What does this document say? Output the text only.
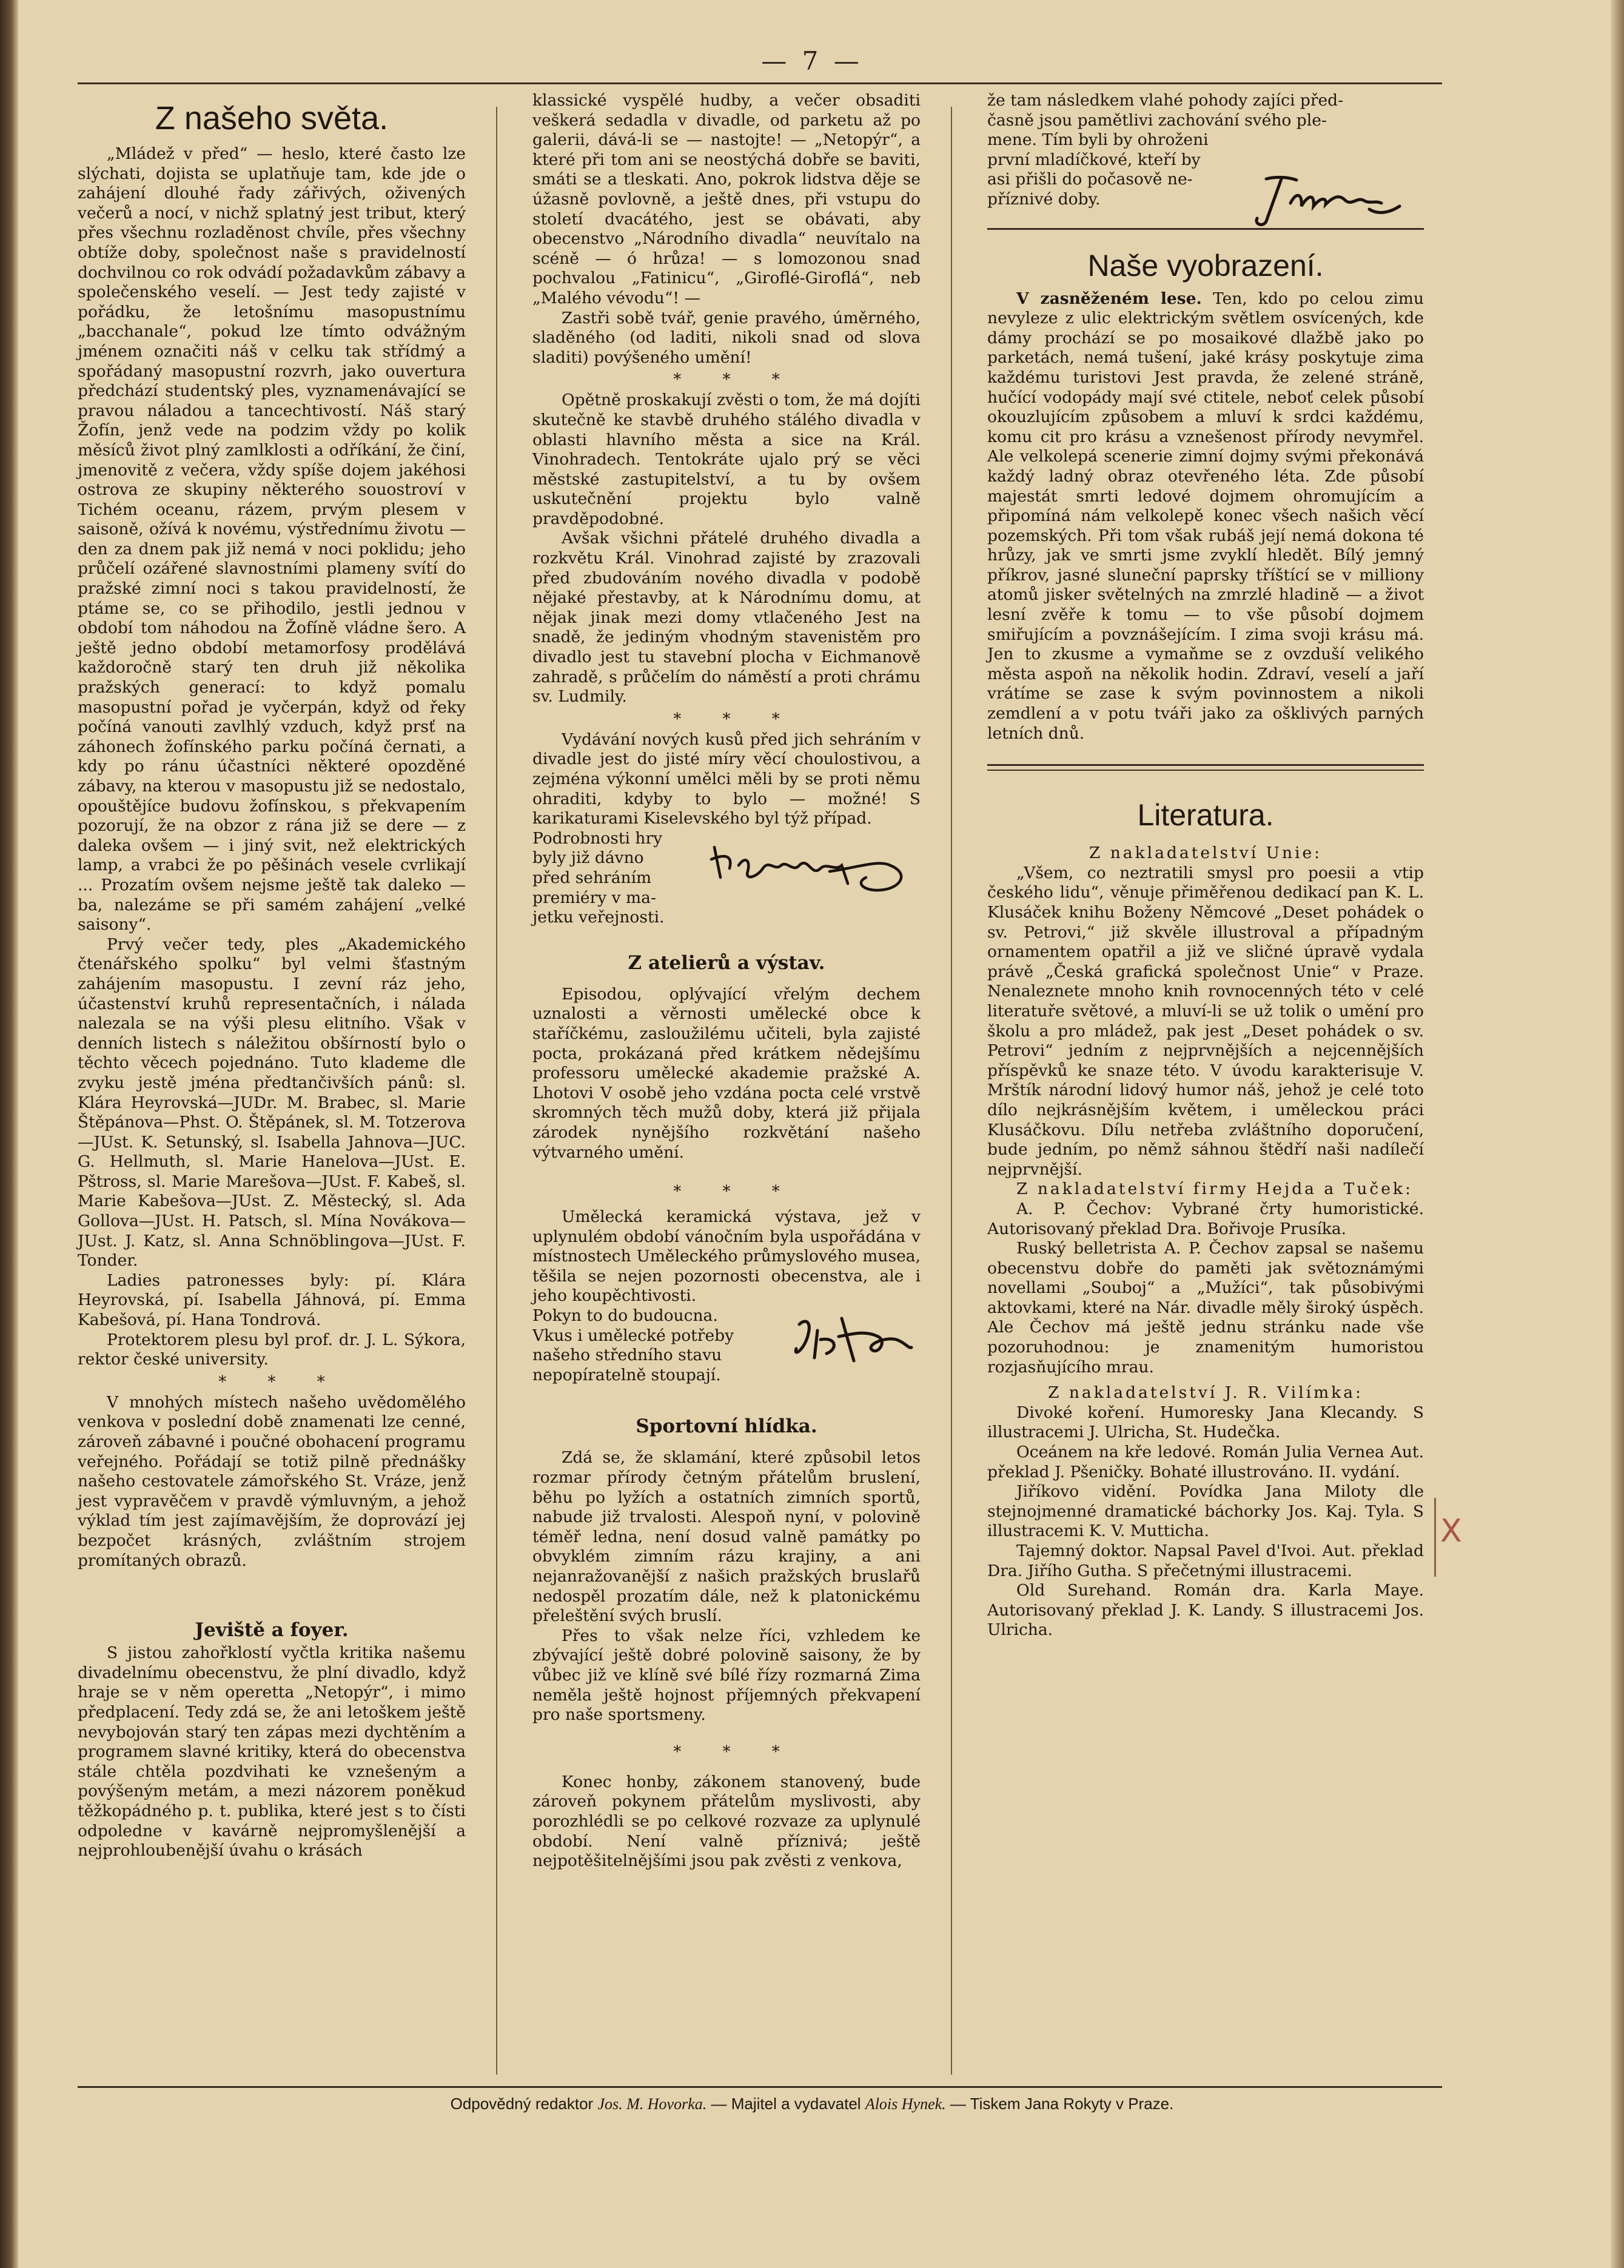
— 7 —
Z našeho světa.

„Mládež v před“ — heslo, které často lze slýchati, dojista se uplatňuje tam, kde jde o zahájení dlouhé řady zářivých, oživených večerů a nocí, v nichž splatný jest tribut, který přes všechnu rozladěnost chvíle, přes všechny obtíže doby, společnost naše s pravidelností dochvilnou co rok odvádí požadavkům zábavy a společenského veselí. — Jest tedy zajisté v pořádku, že letošnímu masopustnímu „bacchanale“, pokud lze tímto odvážným jménem označiti náš v celku tak střídmý a spořádaný masopustní rozvrh, jako ouvertura předchází studentský ples, vyznamenávající se pravou náladou a tancechtivostí. Náš starý Žofín, jenž vede na podzim vždy po kolik měsíců život plný zamlklosti a odříkání, že činí, jmenovitě z večera, vždy spíše dojem jakéhosi ostrova ze skupiny některého souostroví v Tichém oceanu, rázem, prvým plesem v saisoně, ožívá k novému, výstřednímu životu — den za dnem pak již nemá v noci poklidu; jeho průčelí ozářené slavnostními plameny svítí do pražské zimní noci s takou pravidelností, že ptáme se, co se přihodilo, jestli jednou v období tom náhodou na Žofíně vládne šero. A ještě jedno období metamorfosy prodělává každoročně starý ten druh již několika pražských generací: to když pomalu masopustní pořad je vyčerpán, když od řeky počíná vanouti zavlhlý vzduch, když prsť na záhonech žofínského parku počíná černati, a kdy po ránu účastníci některé opozděné zábavy, na kterou v masopustu již se nedostalo, opouštějíce budovu žofínskou, s překvapením pozorují, že na obzor z rána již se dere — z daleka ovšem — i jiný svit, než elektrických lamp, a vrabci že po pěšinách vesele cvrlikají ... Prozatím ovšem nejsme ještě tak daleko — ba, nalezáme se při samém zahájení „velké saisony“.

Prvý večer tedy, ples „Akademického čtenářského spolku“ byl velmi šťastným zahájením masopustu. I zevní ráz jeho, účastenství kruhů representačních, i nálada nalezala se na výši plesu elitního. Však v denních listech s náležitou obšírností bylo o těchto věcech pojednáno. Tuto klademe dle zvyku jestě jména předtančivších pánů: sl. Klára Heyrovská—JUDr. M. Brabec, sl. Marie Štěpánova—Phst. O. Štěpánek, sl. M. Totzerova—JUst. K. Setunský, sl. Isabella Jahnova—JUC. G. Hellmuth, sl. Marie Hanelova—JUst. E. Pštross, sl. Marie Marešova—JUst. F. Kabeš, sl. Marie Kabešova—JUst. Z. Městecký, sl. Ada Gollova—JUst. H. Patsch, sl. Mína Novákova—JUst. J. Katz, sl. Anna Schnöblingova—JUst. F. Tonder.

Ladies patronesses byly: pí. Klára Heyrovská, pí. Isabella Jáhnová, pí. Emma Kabešová, pí. Hana Tondrová.

Protektorem plesu byl prof. dr. J. L. Sýkora, rektor české university.

* * *

V mnohých místech našeho uvědomělého venkova v poslední době znamenati lze cenné, zároveň zábavné i poučné obohacení programu veřejného. Pořádají se totiž pilně přednášky našeho cestovatele zámořského St. Vráze, jenž jest vypravěčem v pravdě výmluvným, a jehož výklad tím jest zajímavějším, že doprovází jej bezpočet krásných, zvláštním strojem promítaných obrazů.

Jeviště a foyer.

S jistou zahořklostí vyčtla kritika našemu divadelnímu obecenstvu, že plní divadlo, když hraje se v něm operetta „Netopýr“, i mimo předplacení. Tedy zdá se, že ani letoškem ještě nevybojován starý ten zápas mezi dychtěním a programem slavné kritiky, která do obecenstva stále chtěla pozdvihati ke vznešeným a povýšeným metám, a mezi názorem poněkud těžkopádného p. t. publika, které jest s to čísti odpoledne v kavárně nejpromyšlenější a nejprohloubenější úvahu o krásách

klassické vyspělé hudby, a večer obsaditi veškerá sedadla v divadle, od parketu až po galerii, dává-li se — nastojte! — „Netopýr“, a které při tom ani se neostýchá dobře se baviti, smáti se a tleskati. Ano, pokrok lidstva děje se úžasně povlovně, a ještě dnes, při vstupu do století dvacátého, jest se obávati, aby obecenstvo „Národního divadla“ neuvítalo na scéně — ó hrůza! — s lomozonou snad pochvalou „Fatinicu“, „Giroflé-Giroflá“, neb „Malého vévodu“! —

Zastři sobě tvář, genie pravého, úměrného, sladěného (od laditi, nikoli snad od slova sladiti) povýšeného umění!

* * *

Opětně proskakují zvěsti o tom, že má dojíti skutečně ke stavbě druhého stálého divadla v oblasti hlavního města a sice na Král. Vinohradech. Tentokráte ujalo prý se věci městské zastupitelství, a tu by ovšem uskutečnění projektu bylo valně pravděpodobné.

Avšak všichni přátelé druhého divadla a rozkvětu Král. Vinohrad zajisté by zrazovali před zbudováním nového divadla v podobě nějaké přestavby, at k Národnímu domu, at nějak jinak mezi domy vtlačeného Jest na snadě, že jediným vhodným stavenistěm pro divadlo jest tu stavební plocha v Eichmanově zahradě, s průčelím do náměstí a proti chrámu sv. Ludmily.

* * *

Vydávání nových kusů před jich sehráním v divadle jest do jisté míry věcí choulostivou, a zejména výkonní umělci měli by se proti němu ohraditi, kdyby to bylo — možné! S karikaturami Kiselevského byl týž případ.

Podrobnosti hry
byly již dávno
před sehráním
premiéry v ma-
jetku veřejnosti.
Z atelierů a výstav.

Episodou, oplývající vřelým dechem uznalosti a věrnosti umělecké obce k staříčkému, zasloužilému učiteli, byla zajisté pocta, prokázaná před krátkem nědejšímu professoru umělecké akademie pražské A. Lhotovi V osobě jeho vzdána pocta celé vrstvě skromných těch mužů doby, která již přijala zárodek nynějšího rozkvětání našeho výtvarného umění.

* * *

Umělecká keramická výstava, jež v uplynulém období vánočním byla uspořádána v místnostech Uměleckého průmyslového musea, těšila se nejen pozornosti obecenstva, ale i jeho koupěchtivosti.

Pokyn to do budoucna.
Vkus i umělecké potřeby
našeho středního stavu
nepopíratelně stoupají.
Sportovní hlídka.

Zdá se, že sklamání, které způsobil letos rozmar přírody četným přátelům bruslení, běhu po lyžích a ostatních zimních sportů, nabude již trvalosti. Alespoň nyní, v polovině téměř ledna, není dosud valně památky po obvyklém zimním rázu krajiny, a ani nejanražovanější z našich pražských bruslařů nedospěl prozatím dále, než k platonickému přeleštění svých bruslí.

Přes to však nelze říci, vzhledem ke zbývající ještě dobré polovině saisony, že by vůbec již ve klíně své bílé řízy rozmarná Zima neměla ještě hojnost příjemných překvapení pro naše sportsmeny.

* * *

Konec honby, zákonem stanovený, bude zároveň pokynem přátelům myslivosti, aby porozhlédli se po celkové rozvaze za uplynulé období. Není valně příznivá; ještě nejpotěšitelnějšími jsou pak zvěsti z venkova,

že tam následkem vlahé pohody zajíci před-
časně jsou pamětlivi zachování svého ple-
mene. Tím byli by ohroženi
první mladíčkové, kteří by
asi přišli do počasově ne-
příznivé doby.
Naše vyobrazení.

V zasněženém lese. Ten, kdo po celou zimu nevyleze z ulic elektrickým světlem osvícených, kde dámy prochází se po mosaikové dlažbě jako po parketách, nemá tušení, jaké krásy poskytuje zima každému turistovi Jest pravda, že zelené stráně, hučící vodopády mají své ctitele, neboť celek působí okouzlujícím způsobem a mluví k srdci každému, komu cit pro krásu a vznešenost přírody nevymřel. Ale velkolepá scenerie zimní dojmy svými překonává každý ladný obraz otevřeného léta. Zde působí majestát smrti ledové dojmem ohromujícím a připomíná nám velkolepě konec všech našich věcí pozemských. Při tom však rubáš její nemá dokona té hrůzy, jak ve smrti jsme zvyklí hledět. Bílý jemný příkrov, jasné sluneční paprsky tříštící se v milliony atomů jisker světelných na zmrzlé hladině — a život lesní zvěře k tomu — to vše působí dojmem smiřujícím a povznášejícím. I zima svoji krásu má. Jen to zkusme a vymaňme se z ovzduší velikého města aspoň na několik hodin. Zdraví, veselí a jaří vrátíme se zase k svým povinnostem a nikoli zemdlení a v potu tváři jako za ošklivých parných letních dnů.

Literatura.

Z nakladatelství Unie:

„Všem, co neztratili smysl pro poesii a vtip českého lidu“, věnuje přiměřenou dedikací pan K. L. Klusáček knihu Boženy Němcové „Deset pohádek o sv. Petrovi,“ již skvěle illustroval a případným ornamentem opatřil a již ve sličné úpravě vydala právě „Česká grafická společnost Unie“ v Praze. Nenaleznete mnoho knih rovnocenných této v celé literatuře světové, a mluví-li se už tolik o umění pro školu a pro mládež, pak jest „Deset pohádek o sv. Petrovi“ jedním z nejprvnějších a nejcennějších příspěvků ke snaze této. V úvodu karakterisuje V. Mrštík národní lidový humor náš, jehož je celé toto dílo nejkrásnějším květem, i uměleckou práci Klusáčkovu. Dílu netřeba zvláštního doporučení, bude jedním, po němž sáhnou štědří naši nadílečí nejprvnější.

Z nakladatelství firmy Hejda a Tuček:

A. P. Čechov: Vybrané črty humoristické. Autorisovaný překlad Dra. Bořivoje Prusíka.

Ruský belletrista A. P. Čechov zapsal se našemu obecenstvu dobře do paměti jak světoznámými novellami „Souboj“ a „Mužíci“, tak působivými aktovkami, které na Nár. divadle měly široký úspěch. Ale Čechov má ještě jednu stránku nade vše pozoruhodnou: je znamenitým humoristou rozjasňujícího mrau.

Z nakladatelství J. R. Vilímka:

Divoké koření. Humoresky Jana Klecandy. S illustracemi J. Ulricha, St. Hudečka.

Oceánem na kře ledové. Román Julia Vernea Aut. překlad J. Pšeničky. Bohaté illustrováno. II. vydání.

Jiříkovo vidění. Povídka Jana Miloty dle stejnojmenné dramatické báchorky Jos. Kaj. Tyla. S illustracemi K. V. Mutticha.

Tajemný doktor. Napsal Pavel d'Ivoi. Aut. překlad Dra. Jiřího Gutha. S přečetnými illustracemi.

Old Surehand. Román dra. Karla Maye. Autorisovaný překlad J. K. Landy. S illustracemi Jos. Ulricha.

X
Odpovědný redaktor Jos. M. Hovorka. — Majitel a vydavatel Alois Hynek. — Tiskem Jana Rokyty v Praze.
